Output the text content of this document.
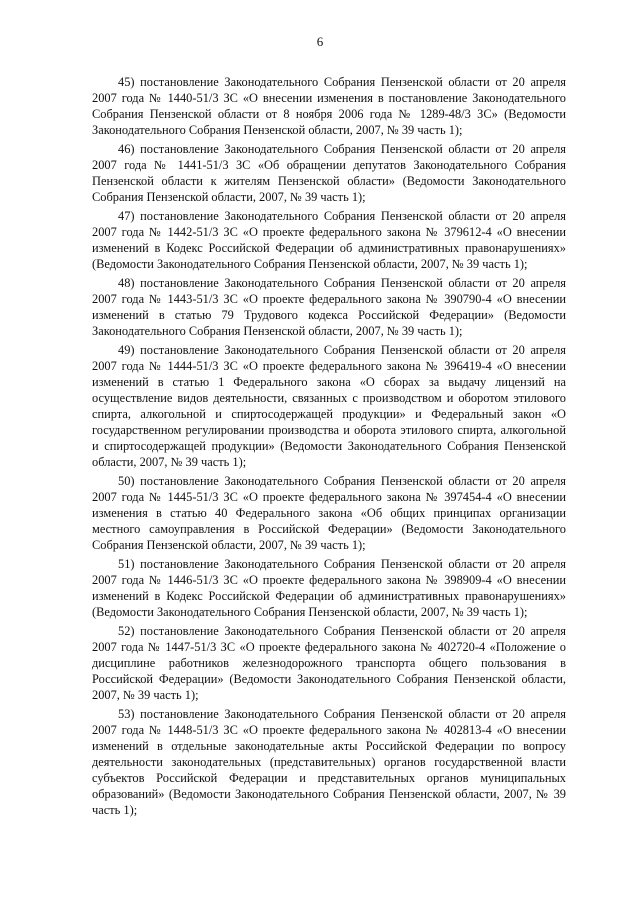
6

45) постановление Законодательного Собрания Пензенской области от 20 апреля 2007 года № 1440-51/3 ЗС «О внесении изменения в постановление Законодательного Собрания Пензенской области от 8 ноября 2006 года № 1289-48/3 ЗС» (Ведомости Законодательного Собрания Пензенской области, 2007, № 39 часть 1);

46) постановление Законодательного Собрания Пензенской области от 20 апреля 2007 года № 1441-51/3 ЗС «Об обращении депутатов Законодательного Собрания Пензенской области к жителям Пензенской области» (Ведомости Законодательного Собрания Пензенской области, 2007, № 39 часть 1);

47) постановление Законодательного Собрания Пензенской области от 20 апреля 2007 года № 1442-51/3 ЗС «О проекте федерального закона № 379612-4 «О внесении изменений в Кодекс Российской Федерации об административных правонарушениях» (Ведомости Законодательного Собрания Пензенской области, 2007, № 39 часть 1);

48) постановление Законодательного Собрания Пензенской области от 20 апреля 2007 года № 1443-51/3 ЗС «О проекте федерального закона № 390790-4 «О внесении изменений в статью 79 Трудового кодекса Российской Федерации» (Ведомости Законодательного Собрания Пензенской области, 2007, № 39 часть 1);

49) постановление Законодательного Собрания Пензенской области от 20 апреля 2007 года № 1444-51/3 ЗС «О проекте федерального закона № 396419-4 «О внесении изменений в статью 1 Федерального закона «О сборах за выдачу лицензий на осуществление видов деятельности, связанных с производством и оборотом этилового спирта, алкогольной и спиртосодержащей продукции» и Федеральный закон «О государственном регулировании производства и оборота этилового спирта, алкогольной и спиртосодержащей продукции» (Ведомости Законодательного Собрания Пензенской области, 2007, № 39 часть 1);

50) постановление Законодательного Собрания Пензенской области от 20 апреля 2007 года № 1445-51/3 ЗС «О проекте федерального закона № 397454-4 «О внесении изменения в статью 40 Федерального закона «Об общих принципах организации местного самоуправления в Российской Федерации» (Ведомости Законодательного Собрания Пензенской области, 2007, № 39 часть 1);

51) постановление Законодательного Собрания Пензенской области от 20 апреля 2007 года № 1446-51/3 ЗС «О проекте федерального закона № 398909-4 «О внесении изменений в Кодекс Российской Федерации об административных правонарушениях» (Ведомости Законодательного Собрания Пензенской области, 2007, № 39 часть 1);

52) постановление Законодательного Собрания Пензенской области от 20 апреля 2007 года № 1447-51/3 ЗС «О проекте федерального закона № 402720-4 «Положение о дисциплине работников железнодорожного транспорта общего пользования в Российской Федерации» (Ведомости Законодательного Собрания Пензенской области, 2007, № 39 часть 1);

53) постановление Законодательного Собрания Пензенской области от 20 апреля 2007 года № 1448-51/3 ЗС «О проекте федерального закона № 402813-4 «О внесении изменений в отдельные законодательные акты Российской Федерации по вопросу деятельности законодательных (представительных) органов государственной власти субъектов Российской Федерации и представительных органов муниципальных образований» (Ведомости Законодательного Собрания Пензенской области, 2007, № 39 часть 1);
